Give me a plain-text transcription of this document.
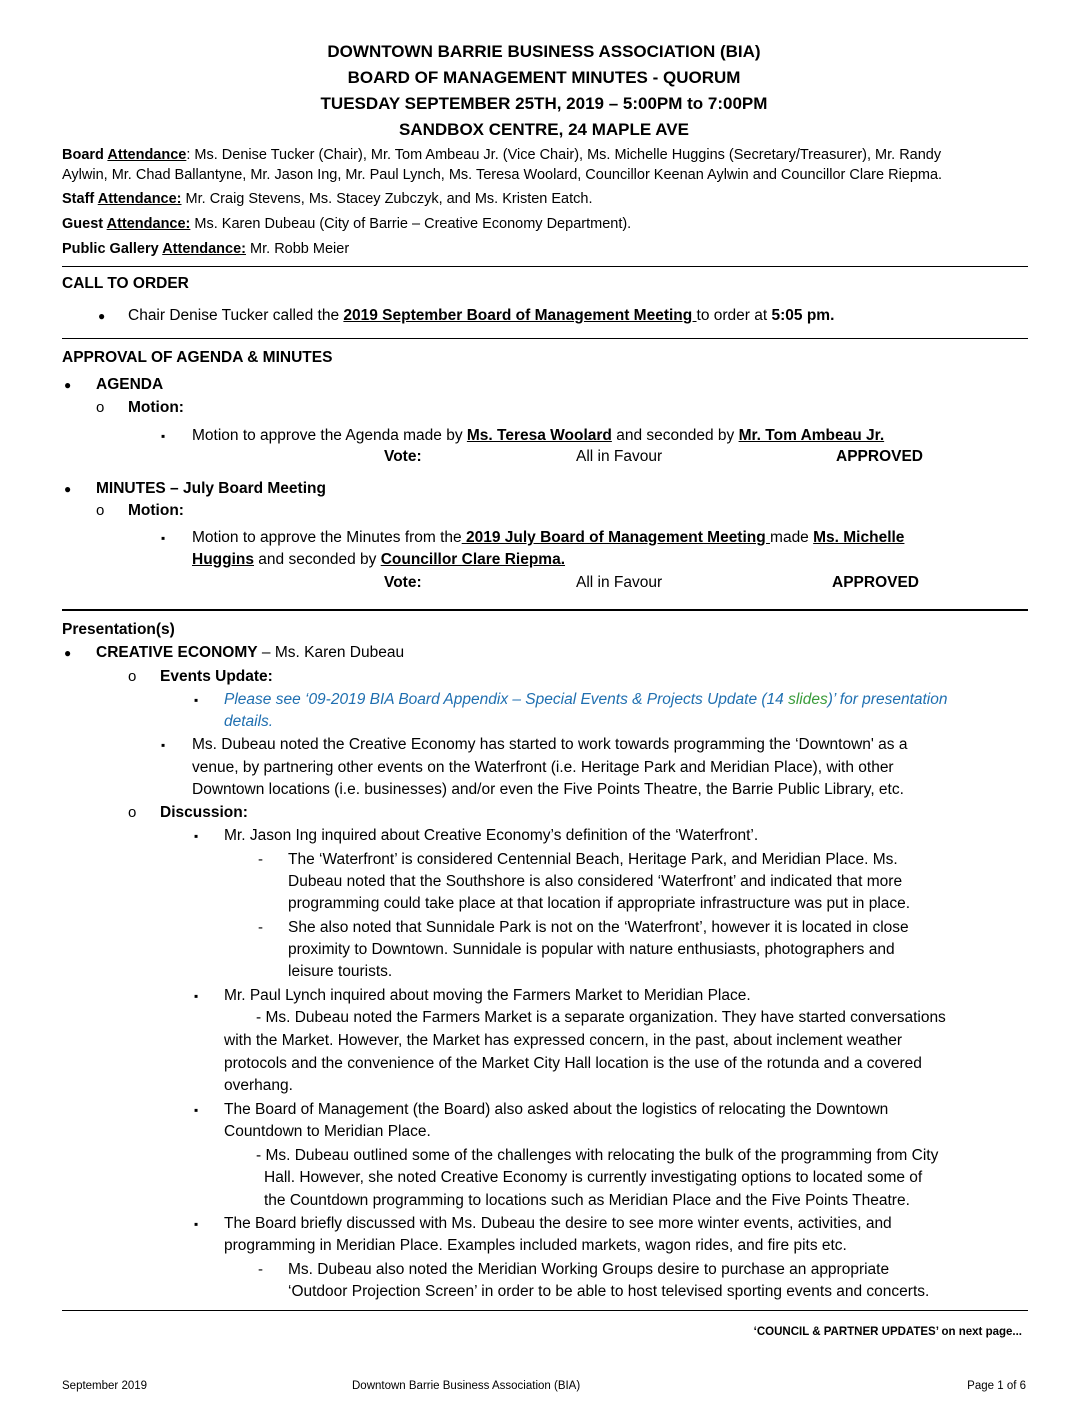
DOWNTOWN BARRIE BUSINESS ASSOCIATION (BIA)
BOARD OF MANAGEMENT MINUTES - QUORUM
TUESDAY SEPTEMBER 25TH, 2019 – 5:00PM to 7:00PM
SANDBOX CENTRE, 24 MAPLE AVE
Board Attendance: Ms. Denise Tucker (Chair), Mr. Tom Ambeau Jr. (Vice Chair), Ms. Michelle Huggins (Secretary/Treasurer), Mr. Randy
Aylwin, Mr. Chad Ballantyne, Mr. Jason Ing, Mr. Paul Lynch, Ms. Teresa Woolard, Councillor Keenan Aylwin and Councillor Clare Riepma.
Staff Attendance: Mr. Craig Stevens, Ms. Stacey Zubczyk, and Ms. Kristen Eatch.
Guest Attendance: Ms. Karen Dubeau (City of Barrie – Creative Economy Department).
Public Gallery Attendance: Mr. Robb Meier
CALL TO ORDER
● Chair Denise Tucker called the 2019 September Board of Management Meeting to order at 5:05 pm.
APPROVAL OF AGENDA & MINUTES
● AGENDA
o Motion:
▪ Motion to approve the Agenda made by Ms. Teresa Woolard and seconded by Mr. Tom Ambeau Jr.
Vote:	All in Favour	APPROVED
● MINUTES – July Board Meeting
o Motion:
▪ Motion to approve the Minutes from the 2019 July Board of Management Meeting made Ms. Michelle
Huggins and seconded by Councillor Clare Riepma.
Vote:	All in Favour	APPROVED
Presentation(s)
● CREATIVE ECONOMY – Ms. Karen Dubeau
o Events Update:
▪ Please see ‘09-2019 BIA Board Appendix – Special Events & Projects Update (14 slides)’ for presentation
details.
▪ Ms. Dubeau noted the Creative Economy has started to work towards programming the ‘Downtown' as a
venue, by partnering other events on the Waterfront (i.e. Heritage Park and Meridian Place), with other
Downtown locations (i.e. businesses) and/or even the Five Points Theatre, the Barrie Public Library, etc.
o Discussion:
▪ Mr. Jason Ing inquired about Creative Economy’s definition of the ‘Waterfront’.
- The ‘Waterfront’ is considered Centennial Beach, Heritage Park, and Meridian Place. Ms.
Dubeau noted that the Southshore is also considered ‘Waterfront’ and indicated that more
programming could take place at that location if appropriate infrastructure was put in place.
- She also noted that Sunnidale Park is not on the ‘Waterfront’, however it is located in close
proximity to Downtown. Sunnidale is popular with nature enthusiasts, photographers and
leisure tourists.
▪ Mr. Paul Lynch inquired about moving the Farmers Market to Meridian Place.
- Ms. Dubeau noted the Farmers Market is a separate organization. They have started conversations
with the Market. However, the Market has expressed concern, in the past, about inclement weather
protocols and the convenience of the Market City Hall location is the use of the rotunda and a covered
overhang.
▪ The Board of Management (the Board) also asked about the logistics of relocating the Downtown
Countdown to Meridian Place.
- Ms. Dubeau outlined some of the challenges with relocating the bulk of the programming from City
Hall. However, she noted Creative Economy is currently investigating options to located some of
the Countdown programming to locations such as Meridian Place and the Five Points Theatre.
▪ The Board briefly discussed with Ms. Dubeau the desire to see more winter events, activities, and
programming in Meridian Place. Examples included markets, wagon rides, and fire pits etc.
- Ms. Dubeau also noted the Meridian Working Groups desire to purchase an appropriate
‘Outdoor Projection Screen’ in order to be able to host televised sporting events and concerts.
‘COUNCIL & PARTNER UPDATES’ on next page...
September 2019	Downtown Barrie Business Association (BIA)	Page 1 of 6
